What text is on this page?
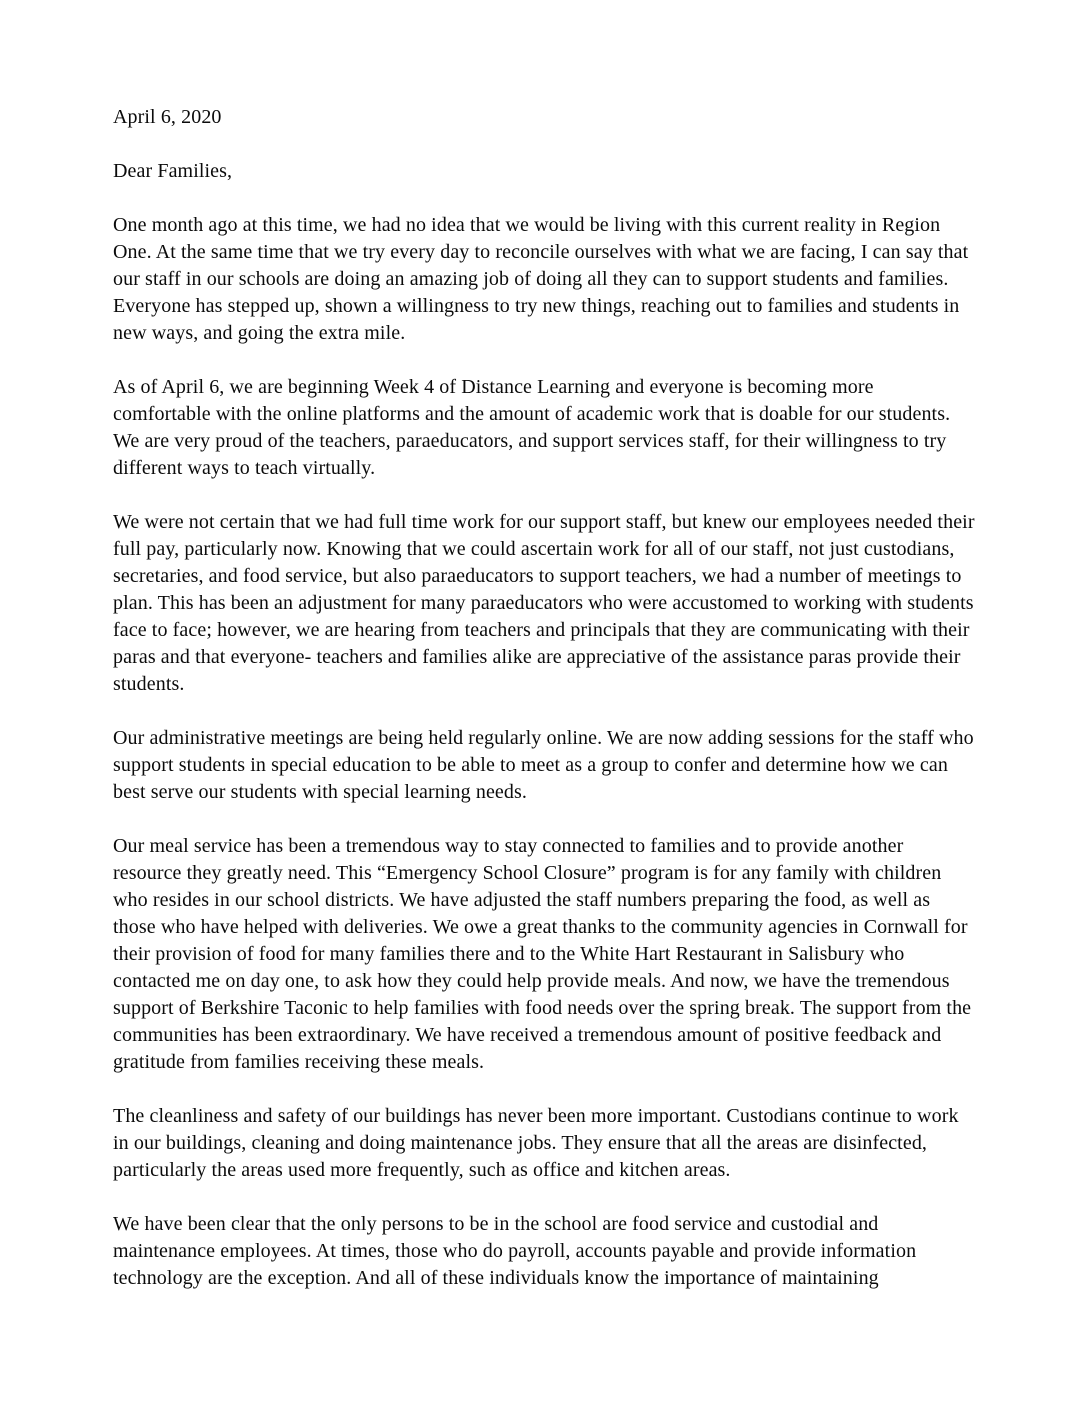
April 6, 2020
Dear Families,

One month ago at this time, we had no idea that we would be living with this current reality in Region One. At the same time that we try every day to reconcile ourselves with what we are facing, I can say that our staff in our schools are doing an amazing job of doing all they can to support students and families. Everyone has stepped up, shown a willingness to try new things, reaching out to families and students in new ways, and going the extra mile.

As of April 6, we are beginning Week 4 of Distance Learning and everyone is becoming more comfortable with the online platforms and the amount of academic work that is doable for our students. We are very proud of the teachers, paraeducators, and support services staff, for their willingness to try different ways to teach virtually.

We were not certain that we had full time work for our support staff, but knew our employees needed their full pay, particularly now. Knowing that we could ascertain work for all of our staff, not just custodians, secretaries, and food service, but also paraeducators to support teachers, we had a number of meetings to plan. This has been an adjustment for many paraeducators who were accustomed to working with students face to face; however, we are hearing from teachers and principals that they are communicating with their paras and that everyone- teachers and families alike are appreciative of the assistance paras provide their students.

Our administrative meetings are being held regularly online. We are now adding sessions for the staff who support students in special education to be able to meet as a group to confer and determine how we can best serve our students with special learning needs.

Our meal service has been a tremendous way to stay connected to families and to provide another resource they greatly need. This “Emergency School Closure” program is for any family with children who resides in our school districts. We have adjusted the staff numbers preparing the food, as well as those who have helped with deliveries. We owe a great thanks to the community agencies in Cornwall for their provision of food for many families there and to the White Hart Restaurant in Salisbury who contacted me on day one, to ask how they could help provide meals. And now, we have the tremendous support of Berkshire Taconic to help families with food needs over the spring break. The support from the communities has been extraordinary. We have received a tremendous amount of positive feedback and gratitude from families receiving these meals.

The cleanliness and safety of our buildings has never been more important. Custodians continue to work in our buildings, cleaning and doing maintenance jobs. They ensure that all the areas are disinfected, particularly the areas used more frequently, such as office and kitchen areas.

We have been clear that the only persons to be in the school are food service and custodial and maintenance employees. At times, those who do payroll, accounts payable and provide information technology are the exception. And all of these individuals know the importance of maintaining
